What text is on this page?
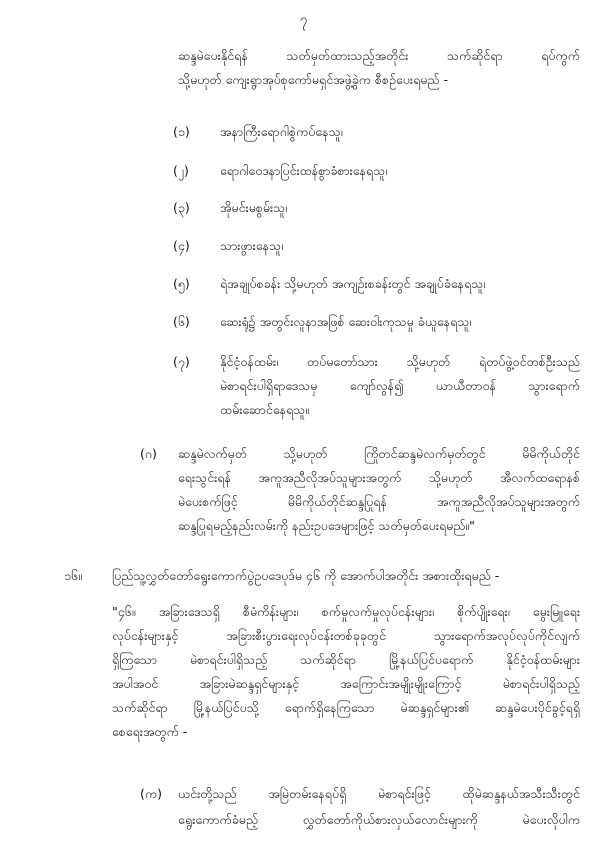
၇
ဆန္ဒမဲပေးနိုင်ရန် သတ်မှတ်ထားသည့်အတိုင်း သက်ဆိုင်ရာ ရပ်ကွက်
သို့မဟုတ် ကျေးရွာအုပ်စုကော်မရှင်အဖွဲ့ခွဲက စီစဉ်ပေးရမည် -
(၁) အနာကြီးရောဂါစွဲကပ်နေသူ၊
(၂) ရောဂါဝေဒနာပြင်းထန်စွာခံစားနေရသူ၊
(၃) အိုမင်းမစွမ်းသူ၊
(၄) သားဖွားနေသူ၊
(၅) ရဲအချုပ်စခန်း သို့မဟုတ် အကျဉ်းစခန်းတွင် အချုပ်ခံနေရသူ၊
(၆) ဆေးရုံ၌ အတွင်းလူနာအဖြစ် ဆေးဝါးကုသမှု ခံယူနေရသူ၊
(၇) နိုင်ငံ့ဝန်ထမ်း၊ တပ်မတော်သား သို့မဟုတ် ရဲတပ်ဖွဲ့ဝင်တစ်ဦးသည်
မဲစာရင်းပါရှိရာဒေသမှ ကျော်လွန်၍ ယာယီတာဝန် သွားရောက်
ထမ်းဆောင်နေရသူ။
(ဂ) ဆန္ဒမဲလက်မှတ် သို့မဟုတ် ကြိုတင်ဆန္ဒမဲလက်မှတ်တွင် မိမိကိုယ်တိုင်
ရေးသွင်းရန် အကူအညီလိုအပ်သူများအတွက် သို့မဟုတ် အီလက်ထရောနစ်
မဲပေးစက်ဖြင့် မိမိကိုယ်တိုင်ဆန္ဒပြုရန် အကူအညီလိုအပ်သူများအတွက်
ဆန္ဒပြုရမည့်နည်းလမ်းကို နည်းဥပဒေများဖြင့် သတ်မှတ်ပေးရမည်။"
၁၆။ ပြည်သူ့လွှတ်တော်ရွေးကောက်ပွဲဥပဒေပုဒ်မ ၄၆ ကို အောက်ပါအတိုင်း အစားထိုးရမည် -
"၄၆။ အခြားဒေသရှိ စီမံကိန်းများ၊ စက်မှုလက်မှုလုပ်ငန်းများ၊ စိုက်ပျိုးရေး၊ မွေးမြူရေး
လုပ်ငန်းများနှင့် အခြားစီးပွားရေးလုပ်ငန်းတစ်ခုခုတွင် သွားရောက်အလုပ်လုပ်ကိုင်လျက်
ရှိကြသော မဲစာရင်းပါရှိသည့် သက်ဆိုင်ရာ မြို့နယ်ပြင်ပရောက် နိုင်ငံ့ဝန်ထမ်းများ
အပါအဝင် အခြားမဲဆန္ဒရှင်များနှင့် အကြောင်းအမျိုးမျိုးကြောင့် မဲစာရင်းပါရှိသည့်
သက်ဆိုင်ရာ မြို့နယ်ပြင်ပသို့ ရောက်ရှိနေကြသော မဲဆန္ဒရှင်များ၏ ဆန္ဒမဲပေးပိုင်ခွင့်ရရှိ
စေရေးအတွက် -
(က) ယင်းတို့သည် အမြဲတမ်းနေရပ်ရှိ မဲစာရင်းဖြင့် ထိုမဲဆန္ဒနယ်အသီးသီးတွင်
ရွေးကောက်ခံမည့် လွှတ်တော်ကိုယ်စားလှယ်လောင်းများကို မဲပေးလိုပါက
